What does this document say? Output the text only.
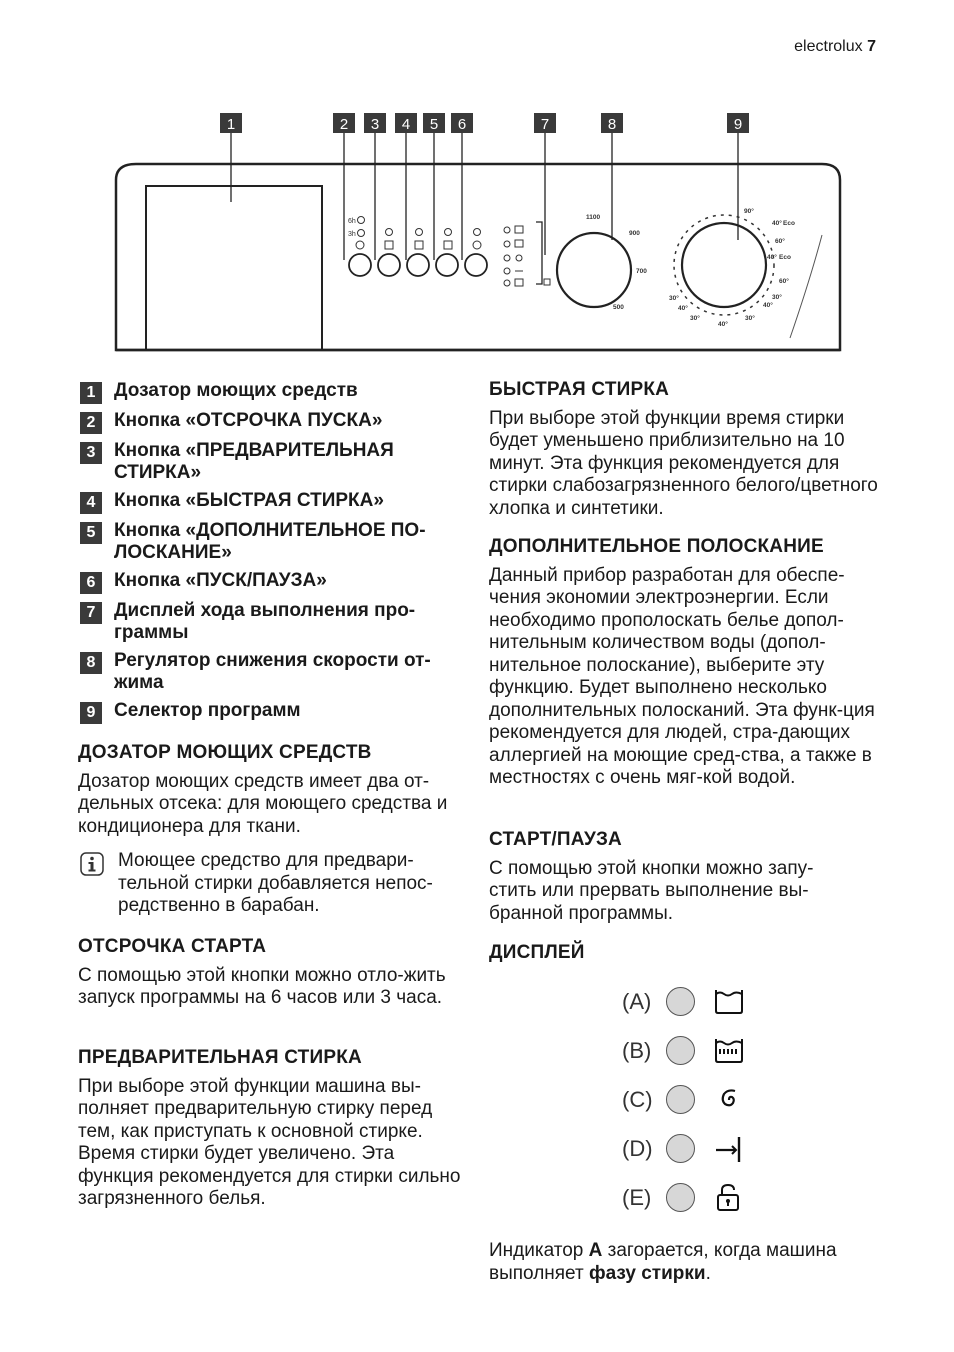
electrolux 7
1	2 3 4 5 6	7	8	9
6h
3h
1100
900
700
500
90°
40° Eco
60°
40° Eco
60°
30°
40°
30°
40°
30°
40°
30°
1 Дозатор моющих средств
2 Кнопка «ОТСРОЧКА ПУСКА»
3 Кнопка «ПРЕДВАРИТЕЛЬНАЯ СТИРКА»
4 Кнопка «БЫСТРАЯ СТИРКА»
5 Кнопка «ДОПОЛНИТЕЛЬНОЕ ПО-ЛОСКАНИЕ»
6 Кнопка «ПУСК/ПАУЗА»
7 Дисплей хода выполнения про-граммы
8 Регулятор снижения скорости от-жима
9 Селектор программ
ДОЗАТОР МОЮЩИХ СРЕДСТВ

Дозатор моющих средств имеет два от-дельных отсека: для моющего средства и кондиционера для ткани.

Моющее средство для предвари-тельной стирки добавляется непос-редственно в барабан.

ОТСРОЧКА СТАРТА

С помощью этой кнопки можно отло-жить запуск программы на 6 часов или 3 часа.

ПРЕДВАРИТЕЛЬНАЯ СТИРКА

При выборе этой функции машина вы-полняет предварительную стирку перед тем, как приступать к основной стирке. Время стирки будет увеличено. Эта функция рекомендуется для стирки сильно загрязненного белья.

БЫСТРАЯ СТИРКА

При выборе этой функции время стирки будет уменьшено приблизительно на 10 минут. Эта функция рекомендуется для стирки слабозагрязненного белого/цветного хлопка и синтетики.

ДОПОЛНИТЕЛЬНОЕ ПОЛОСКАНИЕ

Данный прибор разработан для обеспе-чения экономии электроэнергии. Если необходимо прополоскать белье допол-нительным количеством воды (допол-нительное полоскание), выберите эту функцию. Будет выполнено несколько дополнительных полосканий. Эта функ-ция рекомендуется для людей, стра-дающих аллергией на моющие сред-ства, а также в местностях с очень мяг-кой водой.

СТАРТ/ПАУЗА

С помощью этой кнопки можно запу-стить или прервать выполнение вы-бранной программы.

ДИСПЛЕЙ
(A)
(B)
(C)
(D)
(E)

Индикатор A загорается, когда машина выполняет фазу стирки.
